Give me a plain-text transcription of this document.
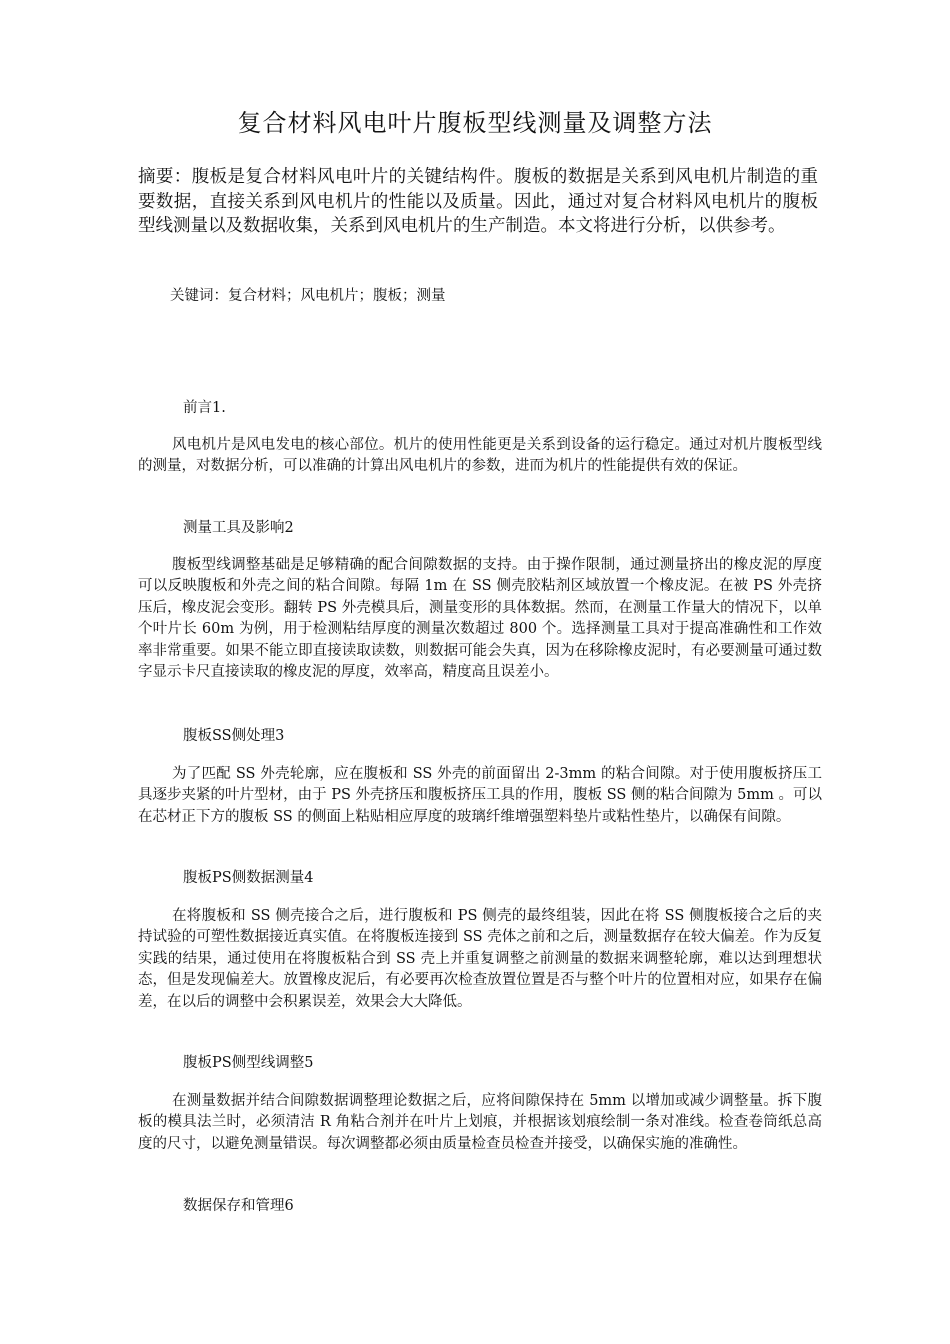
复合材料风电叶片腹板型线测量及调整方法
摘要：腹板是复合材料风电叶片的关键结构件。腹板的数据是关系到风电机片制造的重要数据，直接关系到风电机片的性能以及质量。因此，通过对复合材料风电机片的腹板型线测量以及数据收集，关系到风电机片的生产制造。本文将进行分析，以供参考。
关键词：复合材料；风电机片；腹板；测量
前言1.
风电机片是风电发电的核心部位。机片的使用性能更是关系到设备的运行稳定。通过对机片腹板型线的测量，对数据分析，可以准确的计算出风电机片的参数，进而为机片的性能提供有效的保证。
测量工具及影响2
腹板型线调整基础是足够精确的配合间隙数据的支持。由于操作限制，通过测量挤出的橡皮泥的厚度可以反映腹板和外壳之间的粘合间隙。每隔 1m 在 SS 侧壳胶粘剂区域放置一个橡皮泥。在被 PS 外壳挤压后，橡皮泥会变形。翻转 PS 外壳模具后，测量变形的具体数据。然而，在测量工作量大的情况下，以单个叶片长 60m 为例，用于检测粘结厚度的测量次数超过 800 个。选择测量工具对于提高准确性和工作效率非常重要。如果不能立即直接读取读数，则数据可能会失真，因为在移除橡皮泥时，有必要测量可通过数字显示卡尺直接读取的橡皮泥的厚度，效率高，精度高且误差小。
腹板SS侧处理3
为了匹配 SS 外壳轮廓，应在腹板和 SS 外壳的前面留出 2-3mm 的粘合间隙。对于使用腹板挤压工具逐步夹紧的叶片型材，由于 PS 外壳挤压和腹板挤压工具的作用，腹板 SS 侧的粘合间隙为 5mm 。可以在芯材正下方的腹板 SS 的侧面上粘贴相应厚度的玻璃纤维增强塑料垫片或粘性垫片，以确保有间隙。
腹板PS侧数据测量4
在将腹板和 SS 侧壳接合之后，进行腹板和 PS 侧壳的最终组装，因此在将 SS 侧腹板接合之后的夹持试验的可塑性数据接近真实值。在将腹板连接到 SS 壳体之前和之后，测量数据存在较大偏差。作为反复实践的结果，通过使用在将腹板粘合到 SS 壳上并重复调整之前测量的数据来调整轮廓，难以达到理想状态，但是发现偏差大。放置橡皮泥后，有必要再次检查放置位置是否与整个叶片的位置相对应，如果存在偏差，在以后的调整中会积累误差，效果会大大降低。
腹板PS侧型线调整5
在测量数据并结合间隙数据调整理论数据之后，应将间隙保持在 5mm 以增加或减少调整量。拆下腹板的模具法兰时，必须清洁 R 角粘合剂并在叶片上划痕，并根据该划痕绘制一条对准线。检查卷筒纸总高度的尺寸，以避免测量错误。每次调整都必须由质量检查员检查并接受，以确保实施的准确性。
数据保存和管理6
